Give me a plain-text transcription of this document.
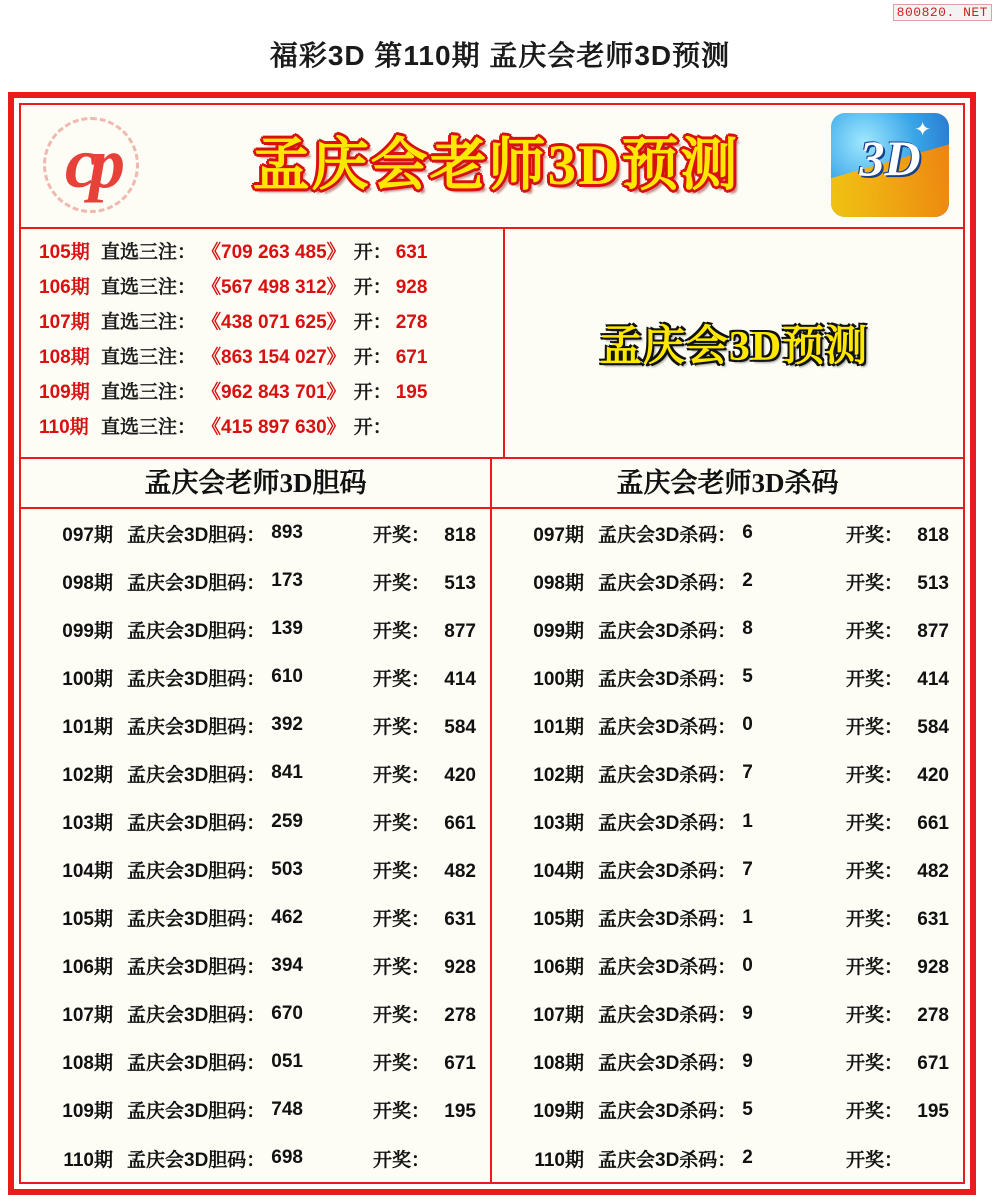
800820. NET
福彩3D 第110期 孟庆会老师3D预测
cp	孟庆会老师3D预测
✦
3D
105期 直选三注： 《709 263 485》 开： 631
106期 直选三注： 《567 498 312》 开： 928
107期 直选三注： 《438 071 625》 开： 278
108期 直选三注： 《863 154 027》 开： 671
109期 直选三注： 《962 843 701》 开： 195
110期 直选三注： 《415 897 630》 开：
孟庆会3D预测
孟庆会老师3D胆码
097期 孟庆会3D胆码： 893	开奖： 818
098期 孟庆会3D胆码： 173	开奖： 513
099期 孟庆会3D胆码： 139	开奖： 877
100期 孟庆会3D胆码： 610	开奖： 414
101期 孟庆会3D胆码： 392	开奖： 584
102期 孟庆会3D胆码： 841	开奖： 420
103期 孟庆会3D胆码： 259	开奖： 661
104期 孟庆会3D胆码： 503	开奖： 482
105期 孟庆会3D胆码： 462	开奖： 631
106期 孟庆会3D胆码： 394	开奖： 928
107期 孟庆会3D胆码： 670	开奖： 278
108期 孟庆会3D胆码： 051	开奖： 671
109期 孟庆会3D胆码： 748	开奖： 195
110期 孟庆会3D胆码： 698	开奖：
孟庆会老师3D杀码
097期 孟庆会3D杀码： 6	开奖： 818
098期 孟庆会3D杀码： 2	开奖： 513
099期 孟庆会3D杀码： 8	开奖： 877
100期 孟庆会3D杀码： 5	开奖： 414
101期 孟庆会3D杀码： 0	开奖： 584
102期 孟庆会3D杀码： 7	开奖： 420
103期 孟庆会3D杀码： 1	开奖： 661
104期 孟庆会3D杀码： 7	开奖： 482
105期 孟庆会3D杀码： 1	开奖： 631
106期 孟庆会3D杀码： 0	开奖： 928
107期 孟庆会3D杀码： 9	开奖： 278
108期 孟庆会3D杀码： 9	开奖： 671
109期 孟庆会3D杀码： 5	开奖： 195
110期 孟庆会3D杀码： 2	开奖：
